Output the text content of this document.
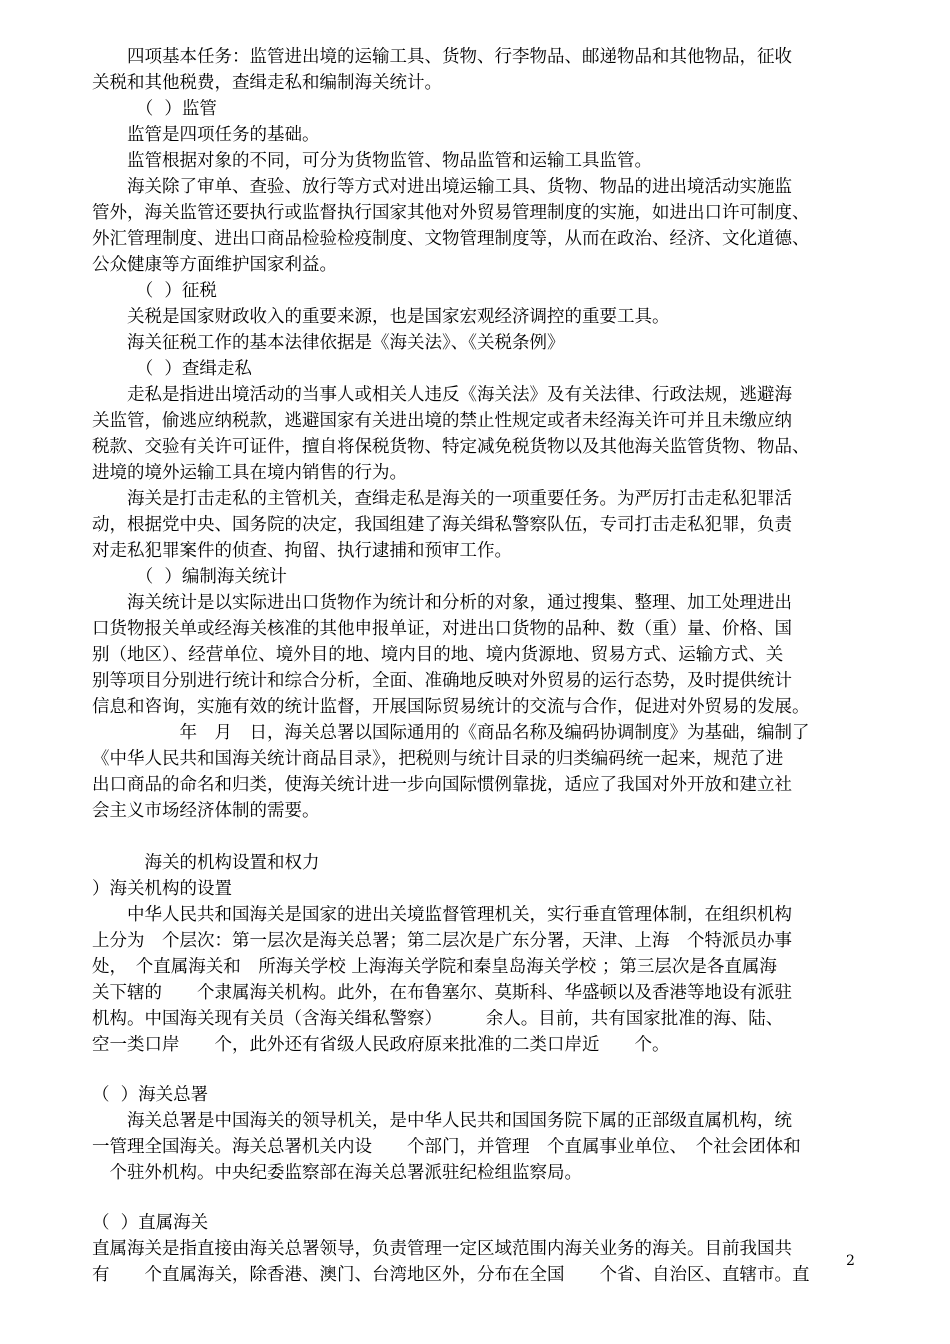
　　四项基本任务：监管进出境的运输工具、货物、行李物品、邮递物品和其他物品，征收
关税和其他税费，查缉走私和编制海关统计。
　　　（  ）监管
　　监管是四项任务的基础。
　　监管根据对象的不同，可分为货物监管、物品监管和运输工具监管。
　　海关除了审单、查验、放行等方式对进出境运输工具、货物、物品的进出境活动实施监
管外，海关监管还要执行或监督执行国家其他对外贸易管理制度的实施，如进出口许可制度、
外汇管理制度、进出口商品检验检疫制度、文物管理制度等，从而在政治、经济、文化道德、
公众健康等方面维护国家利益。
　　　（  ）征税
　　关税是国家财政收入的重要来源，也是国家宏观经济调控的重要工具。
　　海关征税工作的基本法律依据是《海关法》、《关税条例》
　　　（  ）查缉走私
　　走私是指进出境活动的当事人或相关人违反《海关法》及有关法律、行政法规，逃避海
关监管，偷逃应纳税款，逃避国家有关进出境的禁止性规定或者未经海关许可并且未缴应纳
税款、交验有关许可证件，擅自将保税货物、特定减免税货物以及其他海关监管货物、物品、
进境的境外运输工具在境内销售的行为。
　　海关是打击走私的主管机关，查缉走私是海关的一项重要任务。为严厉打击走私犯罪活
动，根据党中央、国务院的决定，我国组建了海关缉私警察队伍，专司打击走私犯罪，负责
对走私犯罪案件的侦查、拘留、执行逮捕和预审工作。
　　　（  ）编制海关统计
　　海关统计是以实际进出口货物作为统计和分析的对象，通过搜集、整理、加工处理进出
口货物报关单或经海关核准的其他申报单证，对进出口货物的品种、数（重）量、价格、国
别（地区）、经营单位、境外目的地、境内目的地、境内货源地、贸易方式、运输方式、关
别等项目分别进行统计和综合分析，全面、准确地反映对外贸易的运行态势，及时提供统计
信息和咨询，实施有效的统计监督，开展国际贸易统计的交流与合作，促进对外贸易的发展。
　　　　　年　月　日，海关总署以国际通用的《商品名称及编码协调制度》为基础，编制了
《中华人民共和国海关统计商品目录》，把税则与统计目录的归类编码统一起来，规范了进
出口商品的命名和归类，使海关统计进一步向国际惯例靠拢，适应了我国对外开放和建立社
会主义市场经济体制的需要。
　　　海关的机构设置和权力
）海关机构的设置
　　中华人民共和国海关是国家的进出关境监督管理机关，实行垂直管理体制，在组织机构
上分为　个层次：第一层次是海关总署；第二层次是广东分署，天津、上海　个特派员办事
处，　个直属海关和　所海关学校 上海海关学院和秦皇岛海关学校 ；第三层次是各直属海
关下辖的　　个隶属海关机构。此外，在布鲁塞尔、莫斯科、华盛顿以及香港等地设有派驻
机构。中国海关现有关员（含海关缉私警察）　　　余人。目前，共有国家批准的海、陆、
空一类口岸　　个，此外还有省级人民政府原来批准的二类口岸近　　个。
（  ）海关总署
　　海关总署是中国海关的领导机关，是中华人民共和国国务院下属的正部级直属机构，统
一管理全国海关。海关总署机关内设　　个部门，并管理　个直属事业单位、　个社会团体和
　个驻外机构。中央纪委监察部在海关总署派驻纪检组监察局。
（  ）直属海关
直属海关是指直接由海关总署领导，负责管理一定区域范围内海关业务的海关。目前我国共
有　　个直属海关，除香港、澳门、台湾地区外，分布在全国　　个省、自治区、直辖市。直
2
